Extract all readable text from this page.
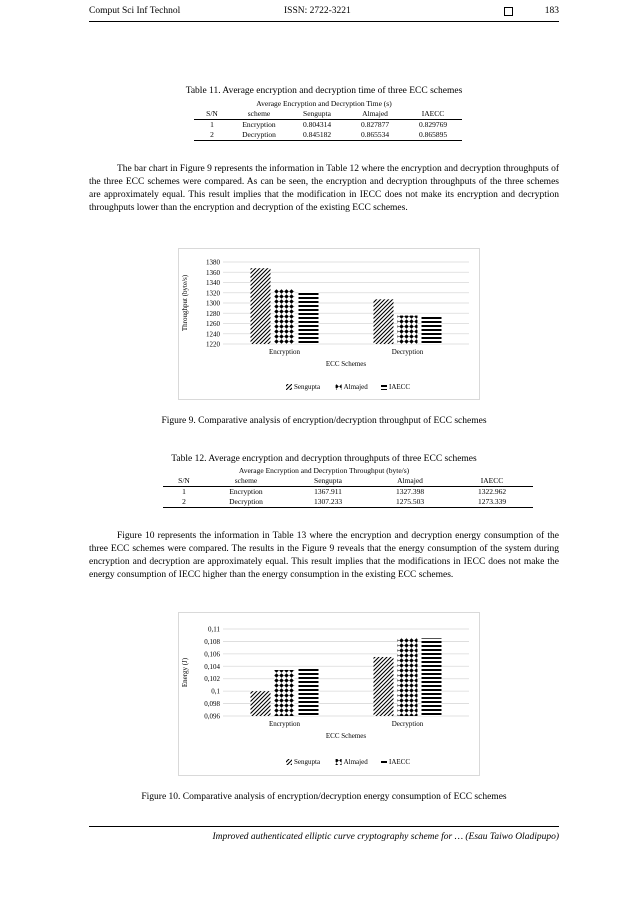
Comput Sci Inf Technol	ISSN: 2722-3221	183
Table 11. Average encryption and decryption time of three ECC schemes
Average Encryption and Decryption Time (s)
S/N	scheme	Sengupta	Almajed	IAECC
1	Encryption	0.804314	0.827877	0.829769
2	Decryption	0.845182	0.865534	0.865895

The bar chart in Figure 9 represents the information in Table 12 where the encryption and decryption throughputs of the three ECC schemes were compared. As can be seen, the encryption and decryption throughputs of the three schemes are approximately equal. This result implies that the modification in IECC does not make its encryption and decryption throughputs lower than the encryption and decryption of the existing ECC schemes.

1220
1240
1260
1280
1300
1320
1340
1360
1380
Throughput (byte/s)
Encryption	Decryption
ECC Schemes
Sengupta	Almajed	IAECC
Figure 9. Comparative analysis of encryption/decryption throughput of ECC schemes
Table 12. Average encryption and decryption throughputs of three ECC schemes
Average Encryption and Decryption Throughput (byte/s)
S/N	scheme	Sengupta	Almajed	IAECC
1	Encryption	1367.911	1327.398	1322.962
2	Decryption	1307.233	1275.503	1273.339

Figure 10 represents the information in Table 13 where the encryption and decryption energy consumption of the three ECC schemes were compared. The results in the Figure 9 reveals that the energy consumption of the system during encryption and decryption are approximately equal. This result implies that the modifications in IECC does not make the energy consumption of IECC higher than the energy consumption in the existing ECC schemes.

0,096
0,098
0,1
0,102
0,104
0,106
0,108
0,11
Energy (J)
Encryption	Decryption
ECC Schemes
Sengupta	Almajed	IAECC
Figure 10. Comparative analysis of encryption/decryption energy consumption of ECC schemes
Improved authenticated elliptic curve cryptography scheme for … (Esau Taiwo Oladipupo)
